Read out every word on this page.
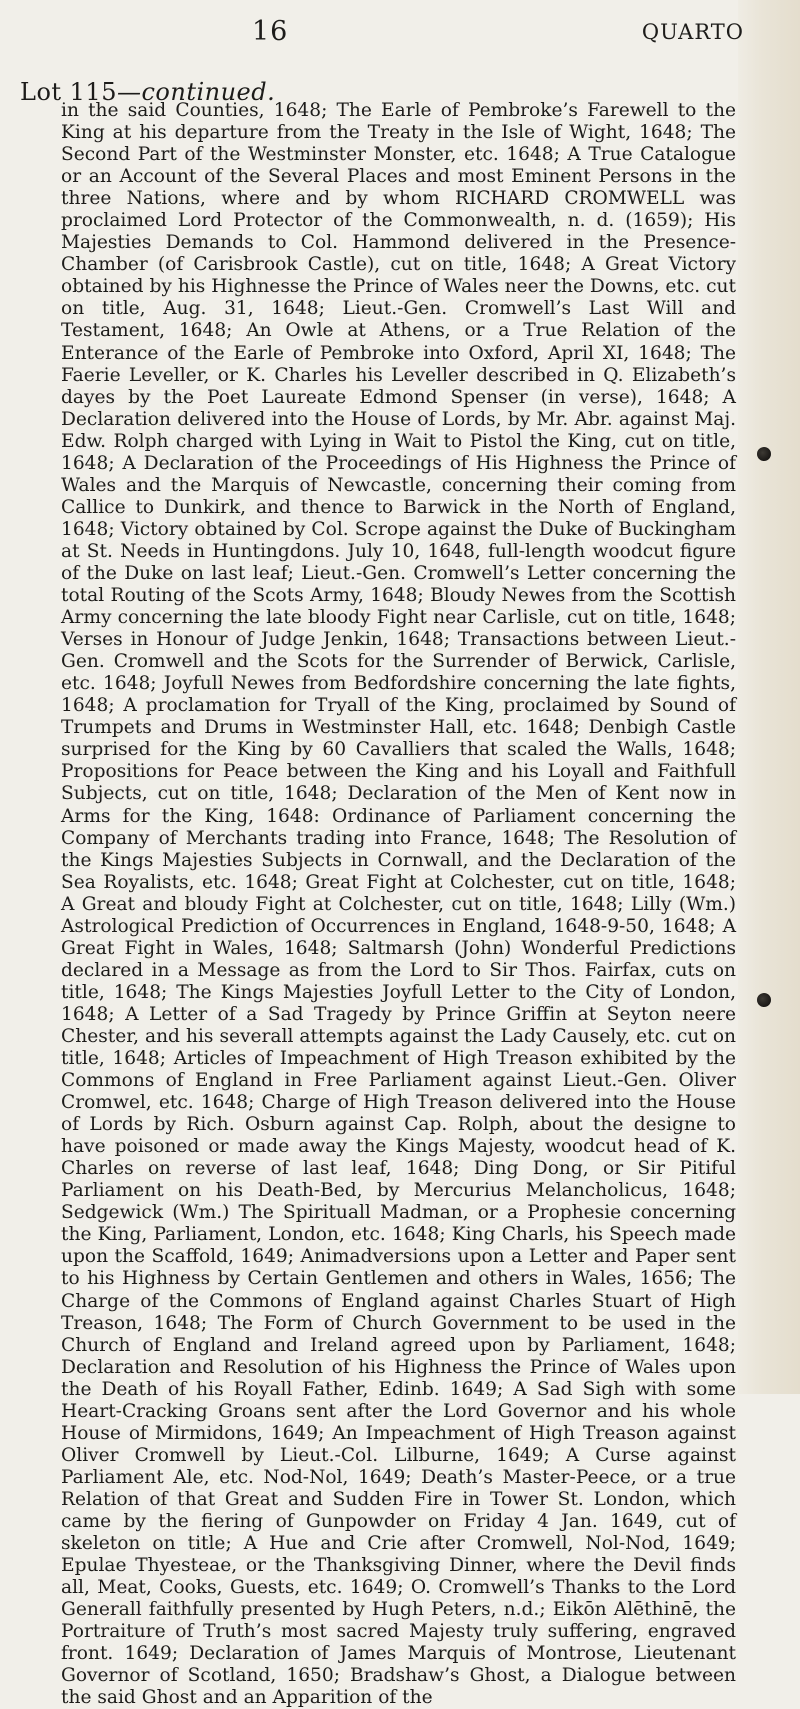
16	QUARTO
Lot 115—continued.
in the said Counties, 1648; The Earle of Pembroke’s Farewell to the King at his departure from the Treaty in the Isle of Wight, 1648; The Second Part of the Westminster Monster, etc. 1648; A True Catalogue or an Account of the Several Places and most Eminent Persons in the three Nations, where and by whom RICHARD CROMWELL was proclaimed Lord Protector of the Commonwealth, n. d. (1659); His Majesties Demands to Col. Hammond delivered in the Presence-Chamber (of Carisbrook Castle), cut on title, 1648; A Great Victory obtained by his Highnesse the Prince of Wales neer the Downs, etc. cut on title, Aug. 31, 1648; Lieut.-Gen. Cromwell’s Last Will and Testament, 1648; An Owle at Athens, or a True Relation of the Enterance of the Earle of Pembroke into Oxford, April XI, 1648; The Faerie Leveller, or K. Charles his Leveller described in Q. Elizabeth’s dayes by the Poet Laureate Edmond Spenser (in verse), 1648; A Declaration delivered into the House of Lords, by Mr. Abr. against Maj. Edw. Rolph charged with Lying in Wait to Pistol the King, cut on title, 1648; A Declaration of the Proceedings of His Highness the Prince of Wales and the Marquis of Newcastle, concerning their coming from Callice to Dunkirk, and thence to Barwick in the North of England, 1648; Victory obtained by Col. Scrope against the Duke of Buckingham at St. Needs in Huntingdons. July 10, 1648, full-length woodcut figure of the Duke on last leaf; Lieut.-Gen. Cromwell’s Letter concerning the total Routing of the Scots Army, 1648; Bloudy Newes from the Scottish Army concerning the late bloody Fight near Carlisle, cut on title, 1648; Verses in Honour of Judge Jenkin, 1648; Transactions between Lieut.-Gen. Cromwell and the Scots for the Surrender of Berwick, Carlisle, etc. 1648; Joyfull Newes from Bedfordshire concerning the late fights, 1648; A proclamation for Tryall of the King, proclaimed by Sound of Trumpets and Drums in Westminster Hall, etc. 1648; Denbigh Castle surprised for the King by 60 Cavalliers that scaled the Walls, 1648; Propositions for Peace between the King and his Loyall and Faithfull Subjects, cut on title, 1648; Declaration of the Men of Kent now in Arms for the King, 1648: Ordinance of Parliament concerning the Company of Merchants trading into France, 1648; The Resolution of the Kings Majesties Subjects in Cornwall, and the Declaration of the Sea Royalists, etc. 1648; Great Fight at Colchester, cut on title, 1648; A Great and bloudy Fight at Colchester, cut on title, 1648; Lilly (Wm.) Astrological Prediction of Occurrences in England, 1648-9-50, 1648; A Great Fight in Wales, 1648; Saltmarsh (John) Wonderful Predictions declared in a Message as from the Lord to Sir Thos. Fairfax, cuts on title, 1648; The Kings Majesties Joyfull Letter to the City of London, 1648; A Letter of a Sad Tragedy by Prince Griffin at Seyton neere Chester, and his severall attempts against the Lady Causely, etc. cut on title, 1648; Articles of Impeachment of High Treason exhibited by the Commons of England in Free Parliament against Lieut.-Gen. Oliver Cromwel, etc. 1648; Charge of High Treason delivered into the House of Lords by Rich. Osburn against Cap. Rolph, about the designe to have poisoned or made away the Kings Majesty, woodcut head of K. Charles on reverse of last leaf, 1648; Ding Dong, or Sir Pitiful Parliament on his Death-Bed, by Mercurius Melancholicus, 1648; Sedgewick (Wm.) The Spirituall Madman, or a Prophesie concerning the King, Parliament, London, etc. 1648; King Charls, his Speech made upon the Scaffold, 1649; Animadversions upon a Letter and Paper sent to his Highness by Certain Gentlemen and others in Wales, 1656; The Charge of the Commons of England against Charles Stuart of High Treason, 1648; The Form of Church Government to be used in the Church of England and Ireland agreed upon by Parliament, 1648; Declaration and Resolution of his Highness the Prince of Wales upon the Death of his Royall Father, Edinb. 1649; A Sad Sigh with some Heart-Cracking Groans sent after the Lord Governor and his whole House of Mirmidons, 1649; An Impeachment of High Treason against Oliver Cromwell by Lieut.-Col. Lilburne, 1649; A Curse against Parliament Ale, etc. Nod-Nol, 1649; Death’s Master-Peece, or a true Relation of that Great and Sudden Fire in Tower St. London, which came by the fiering of Gunpowder on Friday 4 Jan. 1649, cut of skeleton on title; A Hue and Crie after Cromwell, Nol-Nod, 1649; Epulae Thyesteae, or the Thanksgiving Dinner, where the Devil finds all, Meat, Cooks, Guests, etc. 1649; O. Cromwell’s Thanks to the Lord Generall faithfully presented by Hugh Peters, n.d.; Eikōn Alēthinē, the Portraiture of Truth’s most sacred Majesty truly suffering, engraved front. 1649; Declaration of James Marquis of Montrose, Lieutenant Governor of Scotland, 1650; Bradshaw’s Ghost, a Dialogue between the said Ghost and an Apparition of the
